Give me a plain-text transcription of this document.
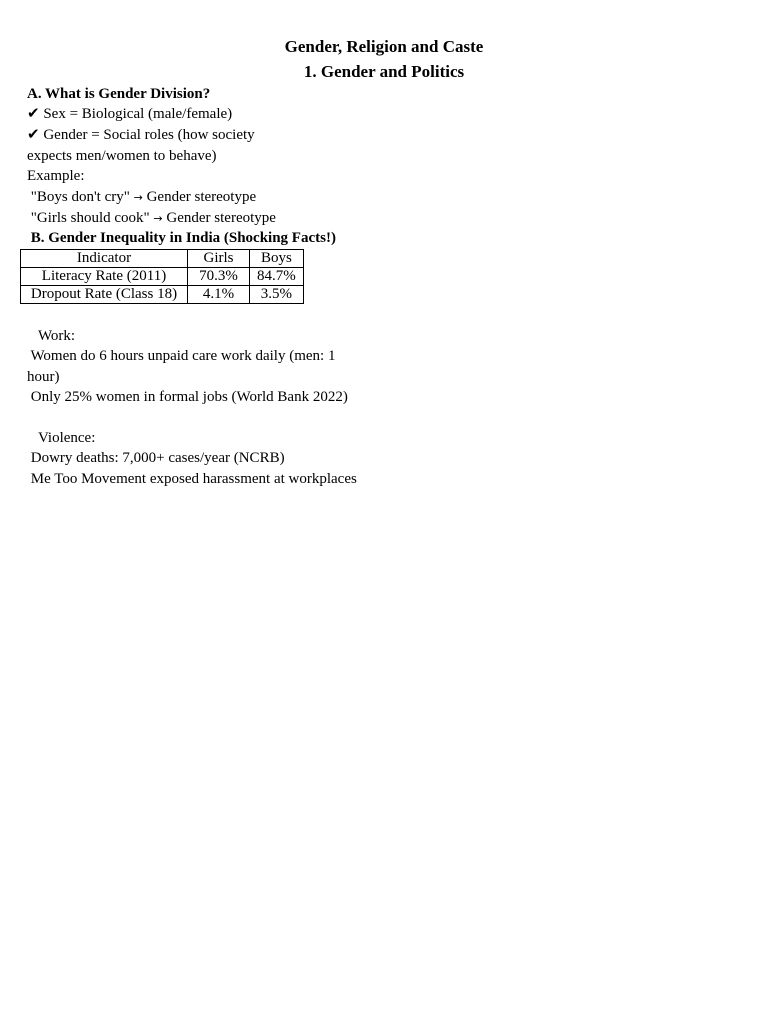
Gender, Religion and Caste
1. Gender and Politics
A. What is Gender Division?
✔ Sex = Biological (male/female)
✔ Gender = Social roles (how society
expects men/women to behave)
Example:
"Boys don't cry" → Gender stereotype
"Girls should cook" → Gender stereotype
B. Gender Inequality in India (Shocking Facts!)
Indicator	Girls	Boys
Literacy Rate (2011)	70.3%	84.7%
Dropout Rate (Class 18)	4.1%	3.5%
Work:
Women do 6 hours unpaid care work daily (men: 1
hour)
Only 25% women in formal jobs (World Bank 2022)
Violence:
Dowry deaths: 7,000+ cases/year (NCRB)
Me Too Movement exposed harassment at workplaces
